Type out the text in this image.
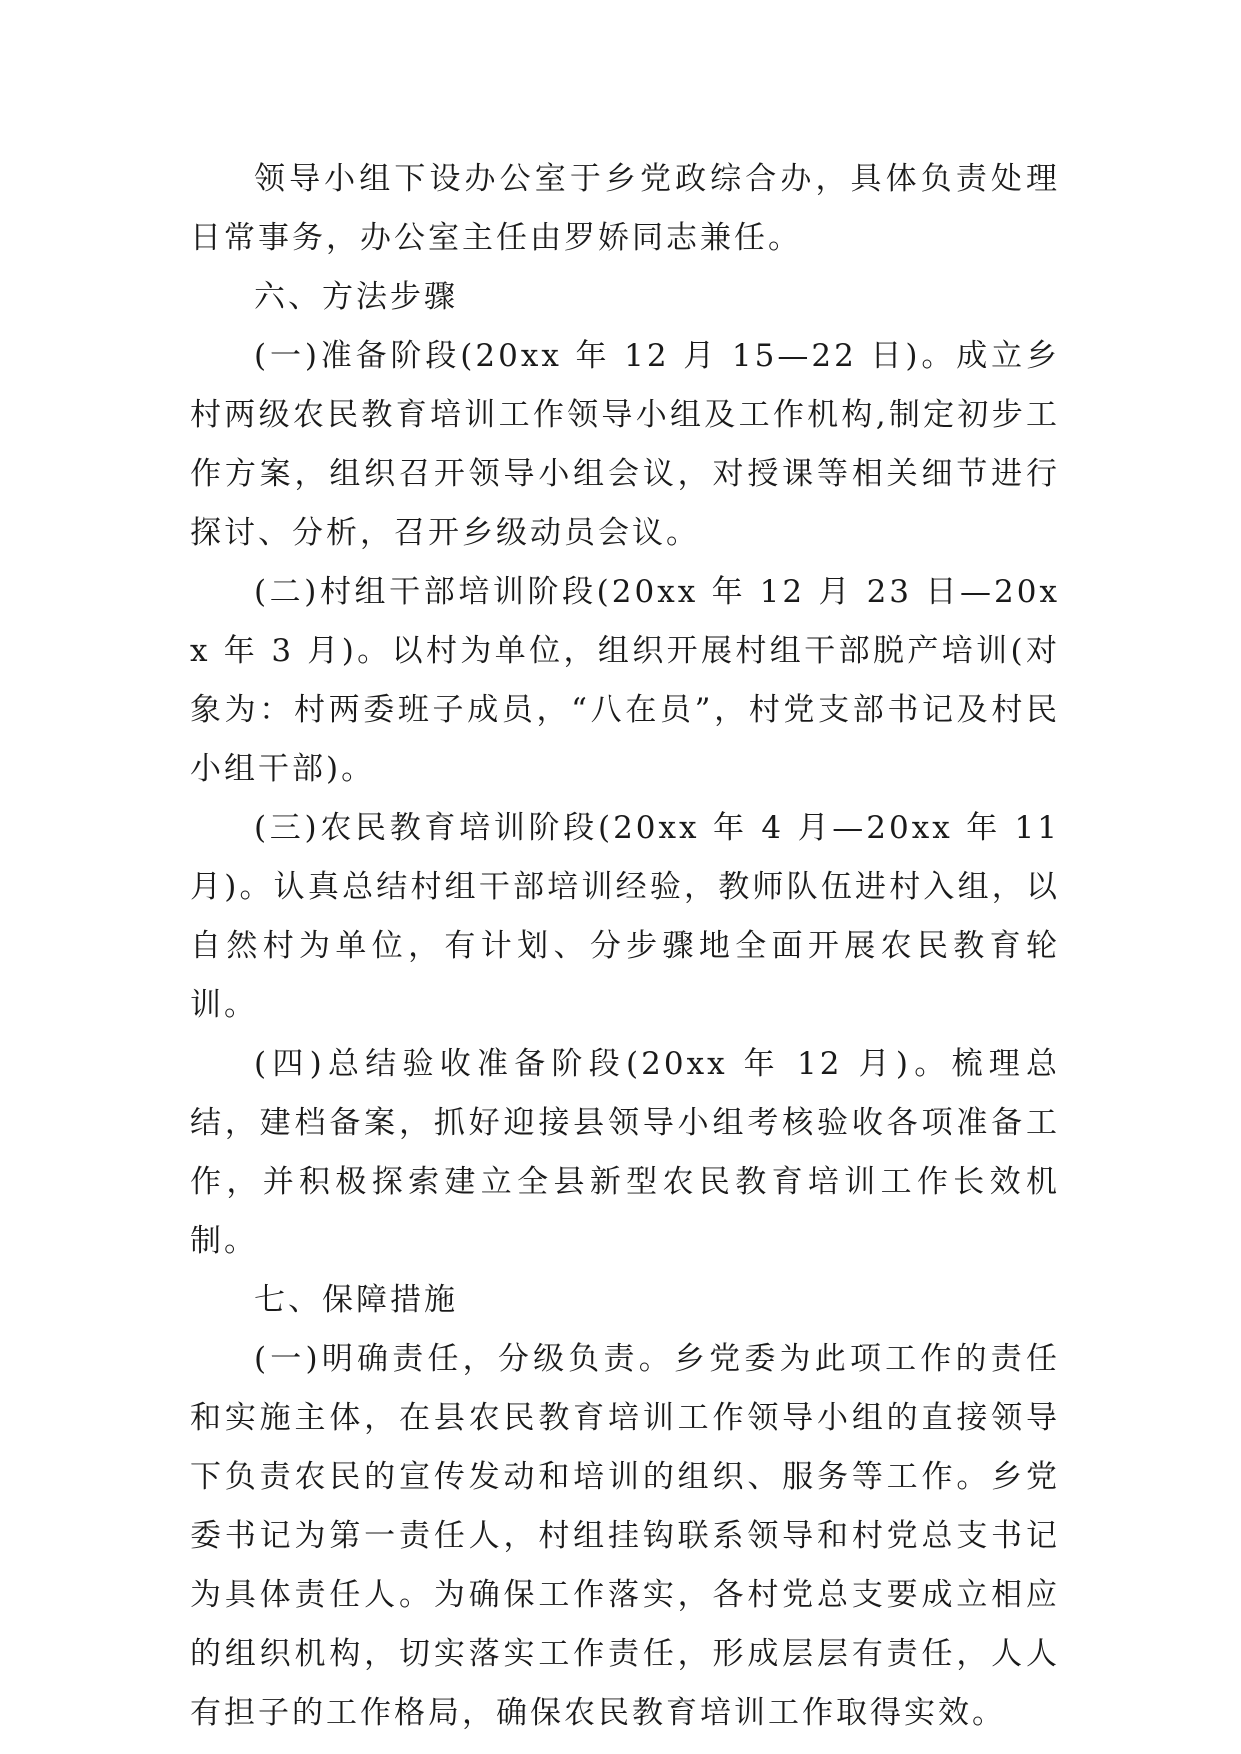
领导小组下设办公室于乡党政综合办，具体负责处理日常事务，办公室主任由罗娇同志兼任。

六、方法步骤

(一)准备阶段(20xx 年 12 月 15—22 日)。成立乡村两级农民教育培训工作领导小组及工作机构,制定初步工作方案，组织召开领导小组会议，对授课等相关细节进行探讨、分析，召开乡级动员会议。

(二)村组干部培训阶段(20xx 年 12 月 23 日—20xx 年 3 月)。以村为单位，组织开展村组干部脱产培训(对象为：村两委班子成员，“八在员”，村党支部书记及村民小组干部)。

(三)农民教育培训阶段(20xx 年 4 月—20xx 年 11 月)。认真总结村组干部培训经验，教师队伍进村入组，以自然村为单位，有计划、分步骤地全面开展农民教育轮训。

(四)总结验收准备阶段(20xx 年 12 月)。梳理总结，建档备案，抓好迎接县领导小组考核验收各项准备工作，并积极探索建立全县新型农民教育培训工作长效机制。

七、保障措施

(一)明确责任，分级负责。乡党委为此项工作的责任和实施主体，在县农民教育培训工作领导小组的直接领导下负责农民的宣传发动和培训的组织、服务等工作。乡党委书记为第一责任人，村组挂钩联系领导和村党总支书记为具体责任人。为确保工作落实，各村党总支要成立相应的组织机构，切实落实工作责任，形成层层有责任，人人有担子的工作格局，确保农民教育培训工作取得实效。
